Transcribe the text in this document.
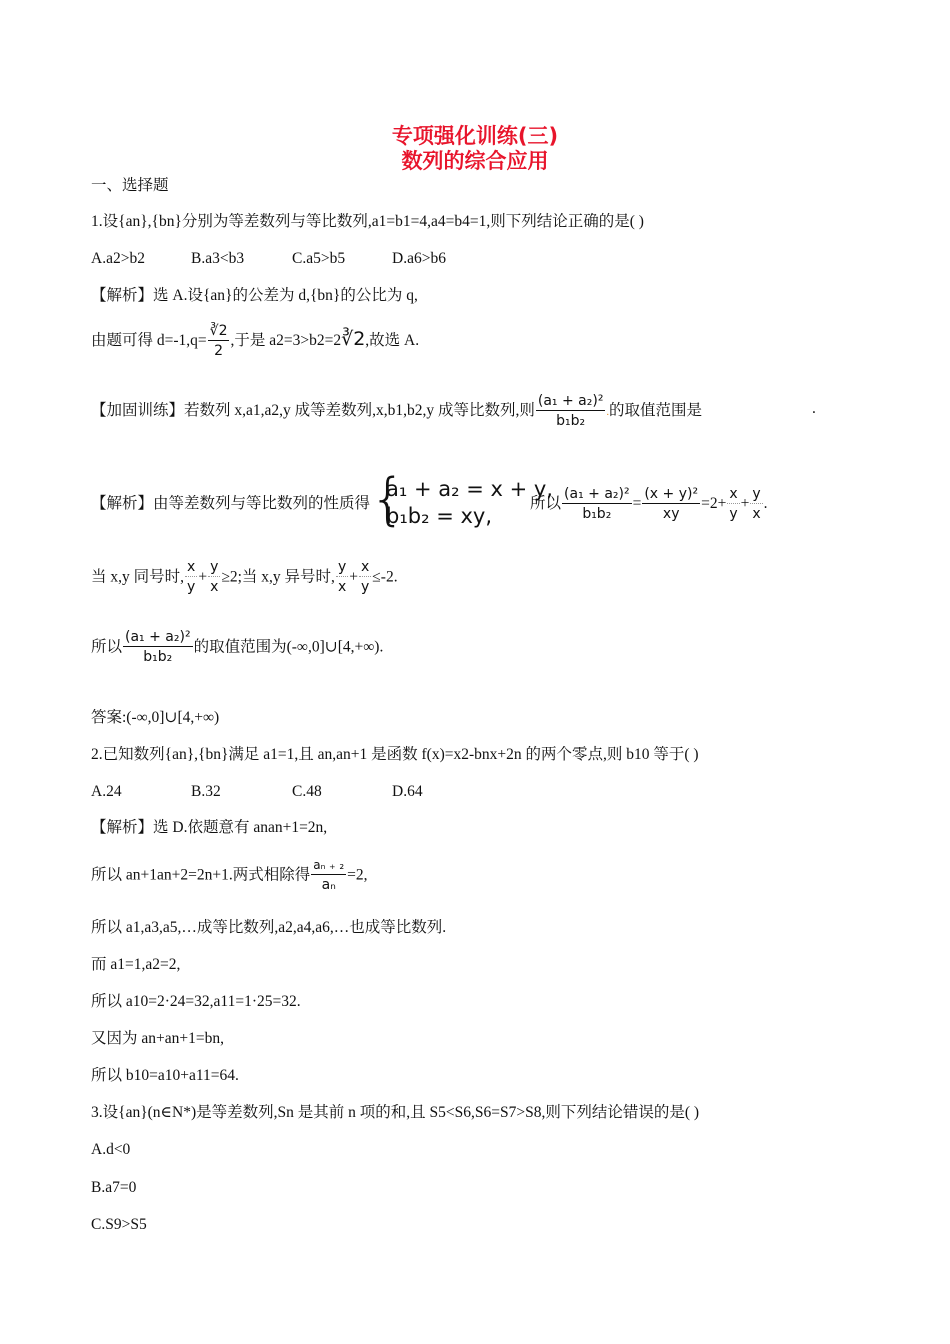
专项强化训练(三)
数列的综合应用
一、选择题
1.设{an},{bn}分别为等差数列与等比数列,a1=b1=4,a4=b4=1,则下列结论正确的是( )
A.a2>b2	B.a3<b3	C.a5>b5	D.a6>b6
【解析】选 A.设{an}的公差为 d,{bn}的公比为 q,
由题可得 $d=-1,q= \frac{∛2}{2}$ ,于是 a2=3>b2=2∛2,故选 A.
【加固训练】若数列 x,a1,a2,y 成等差数列,x,b1,b2,y 成等比数列,则 $\frac{\text{(a₁ + a₂)²}}{\text{b₁b₂}}$ .的取值范围是	.
【解析】由等差数列与等比数列的性质得 {
a₁ + a₂ = x + y,
b₁b₂ = xy,
所以 $\frac{\text{(a₁ + a₂)²}}{\text{b₁b₂}} = \frac{\text{(x + y)²}}{xy} =2+ \frac{x}{y} + \frac{y}{x}$ .
当 x,y 同号时, $\frac{x}{y} + \frac{y}{x} \ge 2$;当 x,y 异号时, $\frac{y}{x} + \frac{x}{y} \le-2$.
所以 $\frac{\text{(a₁ + a₂)²}}{\text{b₁b₂}}$ 的取值范围为(-∞,0]∪[4,+∞).
答案:(-∞,0]∪[4,+∞)
2.已知数列{an},{bn}满足 a1=1,且 an,an+1 是函数 f(x)=x2-bnx+2n 的两个零点,则 b10 等于( )
A.24	B.32	C.48	D.64
【解析】选 D.依题意有 anan+1=2n,
所以 an+1an+2=2n+1.两式相除得 $\frac{\text{aₙ ₊ ₂}}{\text{aₙ}} =2$,
所以 a1,a3,a5,…成等比数列,a2,a4,a6,…也成等比数列.
而 a1=1,a2=2,
所以 a10=2·24=32,a11=1·25=32.
又因为 an+an+1=bn,
所以 b10=a10+a11=64.
3.设{an}(n∈N*)是等差数列,Sn 是其前 n 项的和,且 S5<S6,S6=S7>S8,则下列结论错误的是( )
A.d<0
B.a7=0
C.S9>S5
